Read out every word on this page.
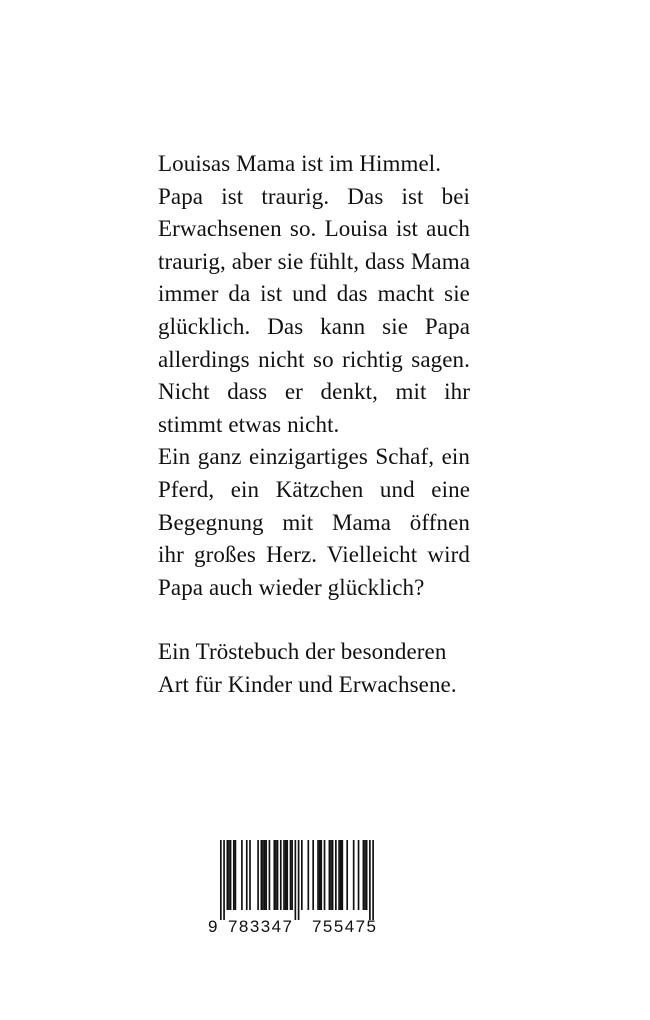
Louisas Mama ist im Himmel.
Papa ist traurig. Das ist bei
Erwachsenen so. Louisa ist auch
traurig, aber sie fühlt, dass Mama
immer da ist und das macht sie
glücklich. Das kann sie Papa
allerdings nicht so richtig sagen.
Nicht dass er denkt, mit ihr
stimmt etwas nicht.
Ein ganz einzigartiges Schaf, ein
Pferd, ein Kätzchen und eine
Begegnung mit Mama öffnen
ihr großes Herz. Vielleicht wird
Papa auch wieder glücklich?
Ein Tröstebuch der besonderen
Art für Kinder und Erwachsene.
9 783347 755475
